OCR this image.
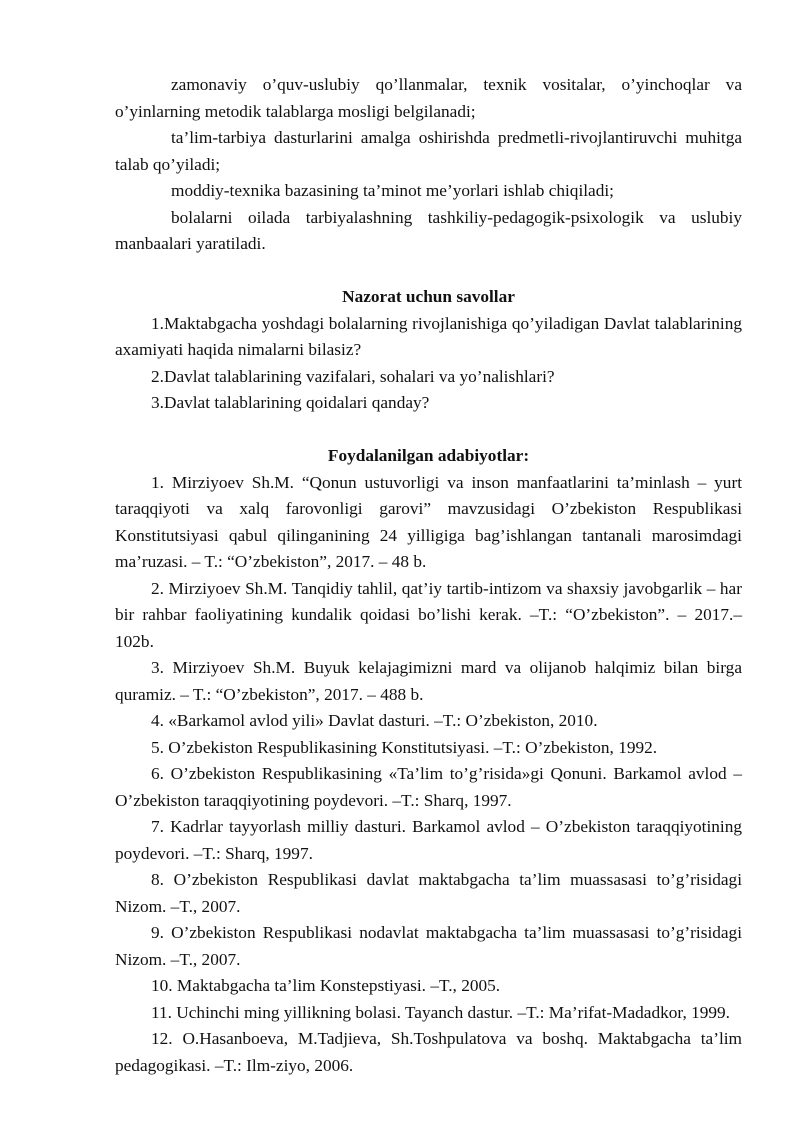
zamonaviy o’quv-uslubiy qo’llanmalar, texnik vositalar, o’yinchoqlar va o’yinlarning metodik talablarga mosligi belgilanadi;

ta’lim-tarbiya dasturlarini amalga oshirishda predmetli-rivojlantiruvchi muhitga talab qo’yiladi;

moddiy-texnika bazasining ta’minot me’yorlari ishlab chiqiladi;

bolalarni oilada tarbiyalashning tashkiliy-pedagogik-psixologik va uslubiy manbaalari yaratiladi.

Nazorat uchun savollar

1.Maktabgacha yoshdagi bolalarning rivojlanishiga qo’yiladigan Davlat talablarining axamiyati haqida nimalarni bilasiz?

2.Davlat talablarining vazifalari, sohalari va yo’nalishlari?

3.Davlat talablarining qoidalari qanday?

Foydalanilgan adabiyotlar:

1. Mirziyoev Sh.M. “Qonun ustuvorligi va inson manfaatlarini ta’minlash – yurt taraqqiyoti va xalq farovonligi garovi” mavzusidagi O’zbekiston Respublikasi Konstitutsiyasi qabul qilinganining 24 yilligiga bag’ishlangan tantanali marosimdagi ma’ruzasi. – T.: “O’zbekiston”, 2017. – 48 b.

2. Mirziyoev Sh.M. Tanqidiy tahlil, qat’iy tartib-intizom va shaxsiy javobgarlik – har bir rahbar faoliyatining kundalik qoidasi bo’lishi kerak. –T.: “O’zbekiston”. – 2017.– 102b.

3. Mirziyoev Sh.M. Buyuk kelajagimizni mard va olijanob halqimiz bilan birga quramiz. – T.: “O’zbekiston”, 2017. – 488 b.

4. «Barkamol avlod yili» Davlat dasturi. –T.: O’zbekiston, 2010.

5. O’zbekiston Respublikasining Konstitutsiyasi. –T.: O’zbekiston, 1992.

6. O’zbekiston Respublikasining «Ta’lim to’g’risida»gi Qonuni. Barkamol avlod – O’zbekiston taraqqiyotining poydevori. –T.: Sharq, 1997.

7. Kadrlar tayyorlash milliy dasturi. Barkamol avlod – O’zbekiston taraqqiyotining poydevori. –T.: Sharq, 1997.

8. O’zbekiston Respublikasi davlat maktabgacha ta’lim muassasasi to’g’risidagi Nizom. –T., 2007.

9. O’zbekiston Respublikasi nodavlat maktabgacha ta’lim muassasasi to’g’risidagi Nizom. –T., 2007.

10. Maktabgacha ta’lim Konstepstiyasi. –T., 2005.

11. Uchinchi ming yillikning bolasi. Tayanch dastur. –T.: Ma’rifat-Madadkor, 1999.

12. O.Hasanboeva, M.Tadjieva, Sh.Toshpulatova va boshq. Maktabgacha ta’lim pedagogikasi. –T.: Ilm-ziyo, 2006.
